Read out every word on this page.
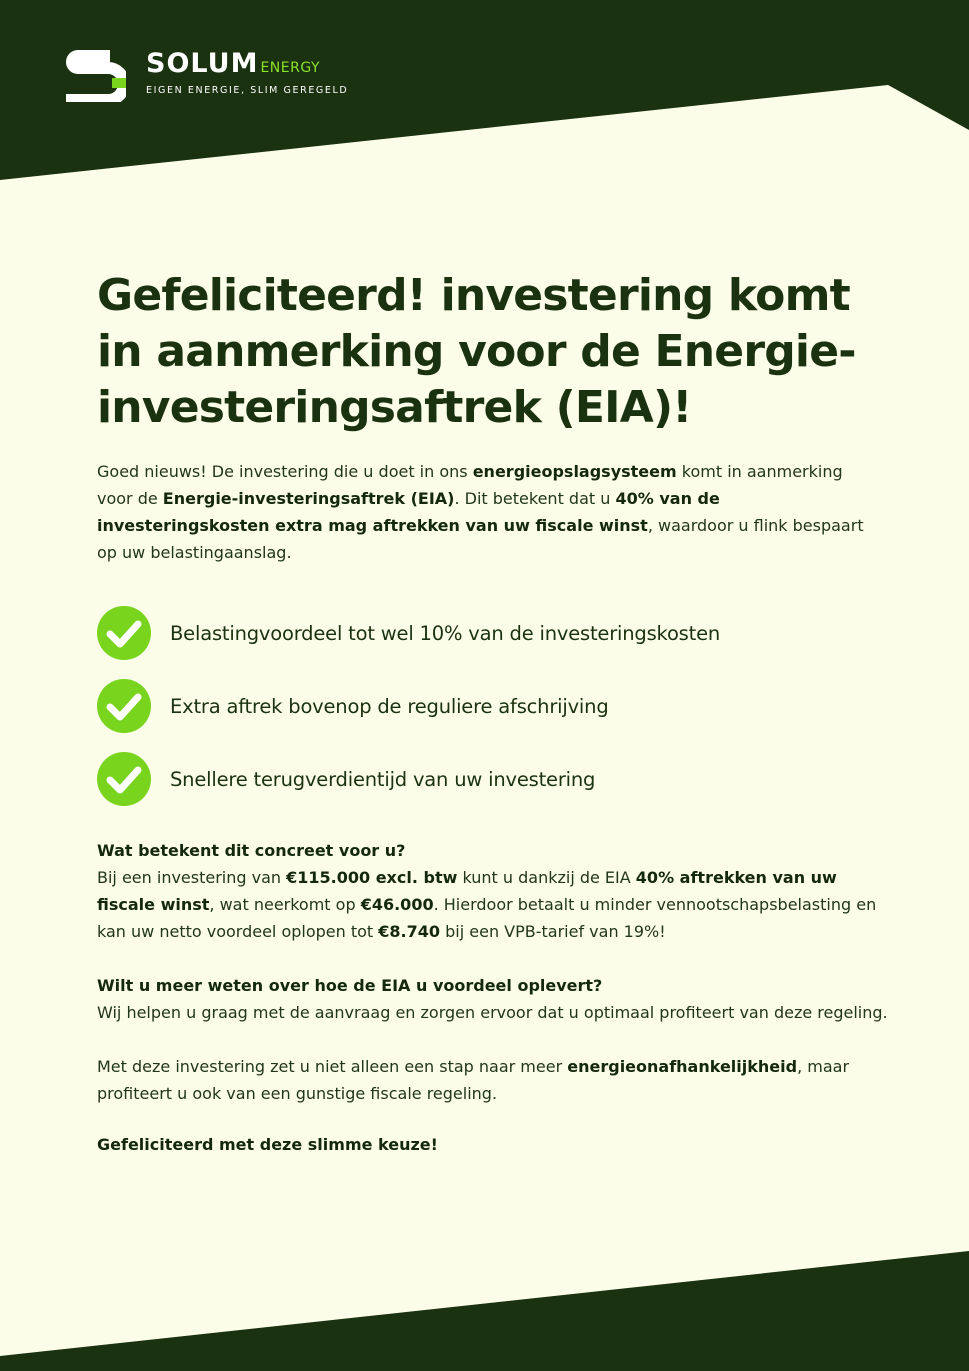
SOLUM ENERGY
EIGEN ENERGIE, SLIM GEREGELD
Gefeliciteerd! investering komt in aanmerking voor de Energie-investeringsaftrek (EIA)!

Goed nieuws! De investering die u doet in ons energieopslagsysteem komt in aanmerking voor de Energie-investeringsaftrek (EIA). Dit betekent dat u 40% van de investeringskosten extra mag aftrekken van uw fiscale winst, waardoor u flink bespaart op uw belastingaanslag.

Belastingvoordeel tot wel 10% van de investeringskosten
Extra aftrek bovenop de reguliere afschrijving
Snellere terugverdientijd van uw investering
Wat betekent dit concreet voor u?

Bij een investering van €115.000 excl. btw kunt u dankzij de EIA 40% aftrekken van uw fiscale winst, wat neerkomt op €46.000. Hierdoor betaalt u minder vennootschapsbelasting en kan uw netto voordeel oplopen tot €8.740 bij een VPB-tarief van 19%!

Wilt u meer weten over hoe de EIA u voordeel oplevert?

Wij helpen u graag met de aanvraag en zorgen ervoor dat u optimaal profiteert van deze regeling.

Met deze investering zet u niet alleen een stap naar meer energieonafhankelijkheid, maar profiteert u ook van een gunstige fiscale regeling.

Gefeliciteerd met deze slimme keuze!
